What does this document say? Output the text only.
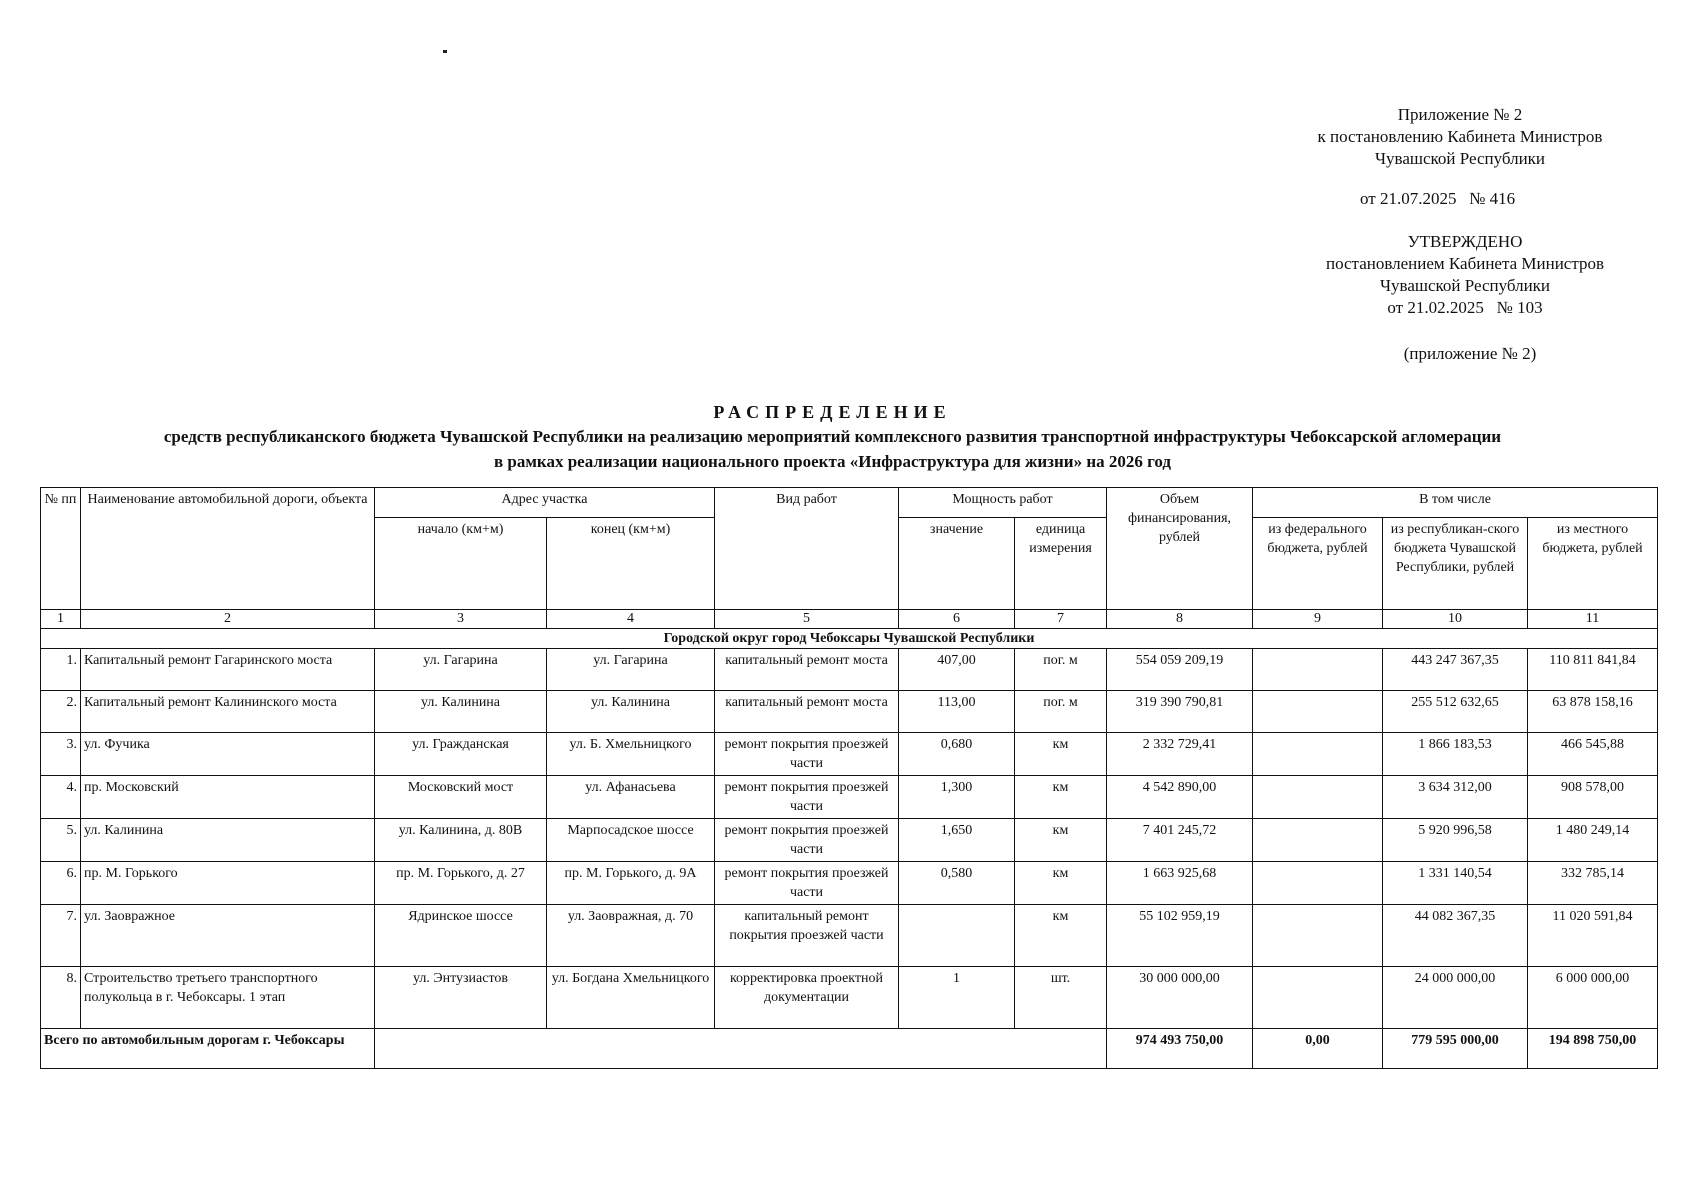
Приложение № 2
к постановлению Кабинета Министров
Чувашской Республики
от 21.07.2025   № 416
УТВЕРЖДЕНО
постановлением Кабинета Министров
Чувашской Республики
от 21.02.2025   № 103
(приложение № 2)
РАСПРЕДЕЛЕНИЕ
средств республиканского бюджета Чувашской Республики на реализацию мероприятий комплексного развития транспортной инфраструктуры Чебоксарской агломерации
в рамках реализации национального проекта «Инфраструктура для жизни» на 2026 год
№ пп	Наименование автомобильной дороги, объекта	Адрес участка		Вид работ	Мощность работ		Объем финансирования, рублей	В том числе		
		начало (км+м)	конец (км+м)		значение	единица измерения		из федерального бюджета, рублей	из республикан-ского бюджета Чувашской Республики, рублей	из местного бюджета, рублей
1	2	3	4	5	6	7	8	9	10	11
Городской округ город Чебоксары Чувашской Республики										
1.	Капитальный ремонт Гагаринского моста	ул. Гагарина	ул. Гагарина	капитальный ремонт моста	407,00	пог. м	554 059 209,19		443 247 367,35	110 811 841,84
2.	Капитальный ремонт Калининского моста	ул. Калинина	ул. Калинина	капитальный ремонт моста	113,00	пог. м	319 390 790,81		255 512 632,65	63 878 158,16
3.	ул. Фучика	ул. Гражданская	ул. Б. Хмельницкого	ремонт покрытия проезжей части	0,680	км	2 332 729,41		1 866 183,53	466 545,88
4.	пр. Московский	Московский мост	ул. Афанасьева	ремонт покрытия проезжей части	1,300	км	4 542 890,00		3 634 312,00	908 578,00
5.	ул. Калинина	ул. Калинина, д. 80В	Марпосадское шоссе	ремонт покрытия проезжей части	1,650	км	7 401 245,72		5 920 996,58	1 480 249,14
6.	пр. М. Горького	пр. М. Горького, д. 27	пр. М. Горького, д. 9А	ремонт покрытия проезжей части	0,580	км	1 663 925,68		1 331 140,54	332 785,14
7.	ул. Заовражное	Ядринское шоссе	ул. Заовражная, д. 70	капитальный ремонт покрытия проезжей части		км	55 102 959,19		44 082 367,35	11 020 591,84
8.	Строительство третьего транспортного полукольца в г. Чебоксары. 1 этап	ул. Энтузиастов	ул. Богдана Хмельницкого	корректировка проектной документации	1	шт.	30 000 000,00		24 000 000,00	6 000 000,00
Всего по автомобильным дорогам г. Чебоксары							974 493 750,00	0,00	779 595 000,00	194 898 750,00
